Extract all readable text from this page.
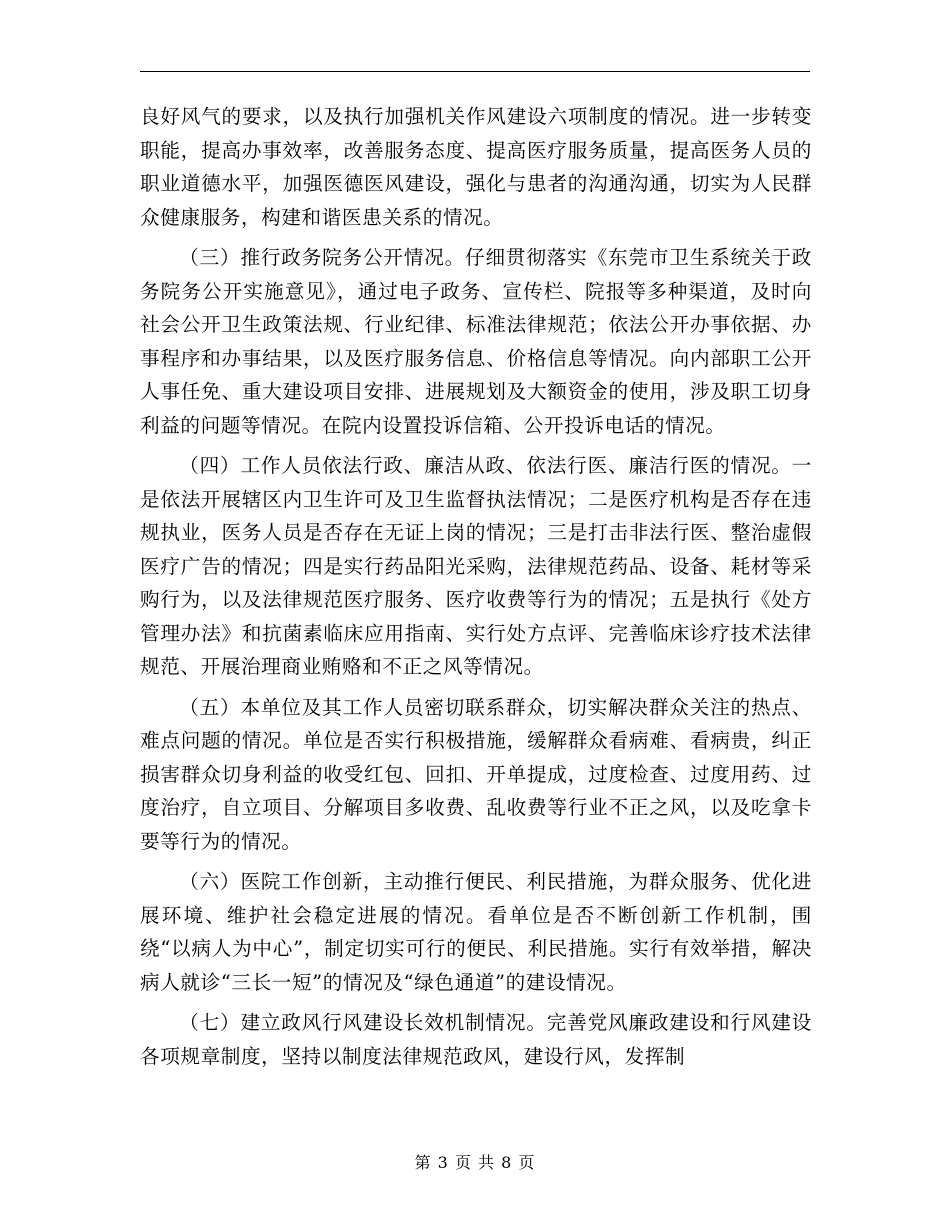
良好风气的要求，以及执行加强机关作风建设六项制度的情况。进一步转变职能，提高办事效率，改善服务态度、提高医疗服务质量，提高医务人员的职业道德水平，加强医德医风建设，强化与患者的沟通沟通，切实为人民群众健康服务，构建和谐医患关系的情况。

（三）推行政务院务公开情况。仔细贯彻落实《东莞市卫生系统关于政务院务公开实施意见》，通过电子政务、宣传栏、院报等多种渠道，及时向社会公开卫生政策法规、行业纪律、标准法律规范；依法公开办事依据、办事程序和办事结果，以及医疗服务信息、价格信息等情况。向内部职工公开人事任免、重大建设项目安排、进展规划及大额资金的使用，涉及职工切身利益的问题等情况。在院内设置投诉信箱、公开投诉电话的情况。

（四）工作人员依法行政、廉洁从政、依法行医、廉洁行医的情况。一是依法开展辖区内卫生许可及卫生监督执法情况；二是医疗机构是否存在违规执业，医务人员是否存在无证上岗的情况；三是打击非法行医、整治虚假医疗广告的情况；四是实行药品阳光采购，法律规范药品、设备、耗材等采购行为，以及法律规范医疗服务、医疗收费等行为的情况；五是执行《处方管理办法》和抗菌素临床应用指南、实行处方点评、完善临床诊疗技术法律规范、开展治理商业贿赂和不正之风等情况。

（五）本单位及其工作人员密切联系群众，切实解决群众关注的热点、难点问题的情况。单位是否实行积极措施，缓解群众看病难、看病贵，纠正损害群众切身利益的收受红包、回扣、开单提成，过度检查、过度用药、过度治疗，自立项目、分解项目多收费、乱收费等行业不正之风，以及吃拿卡要等行为的情况。

（六）医院工作创新，主动推行便民、利民措施，为群众服务、优化进展环境、维护社会稳定进展的情况。看单位是否不断创新工作机制，围绕“以病人为中心”，制定切实可行的便民、利民措施。实行有效举措，解决病人就诊“三长一短”的情况及“绿色通道”的建设情况。

（七）建立政风行风建设长效机制情况。完善党风廉政建设和行风建设各项规章制度，坚持以制度法律规范政风，建设行风，发挥制

第 3 页 共 8 页
